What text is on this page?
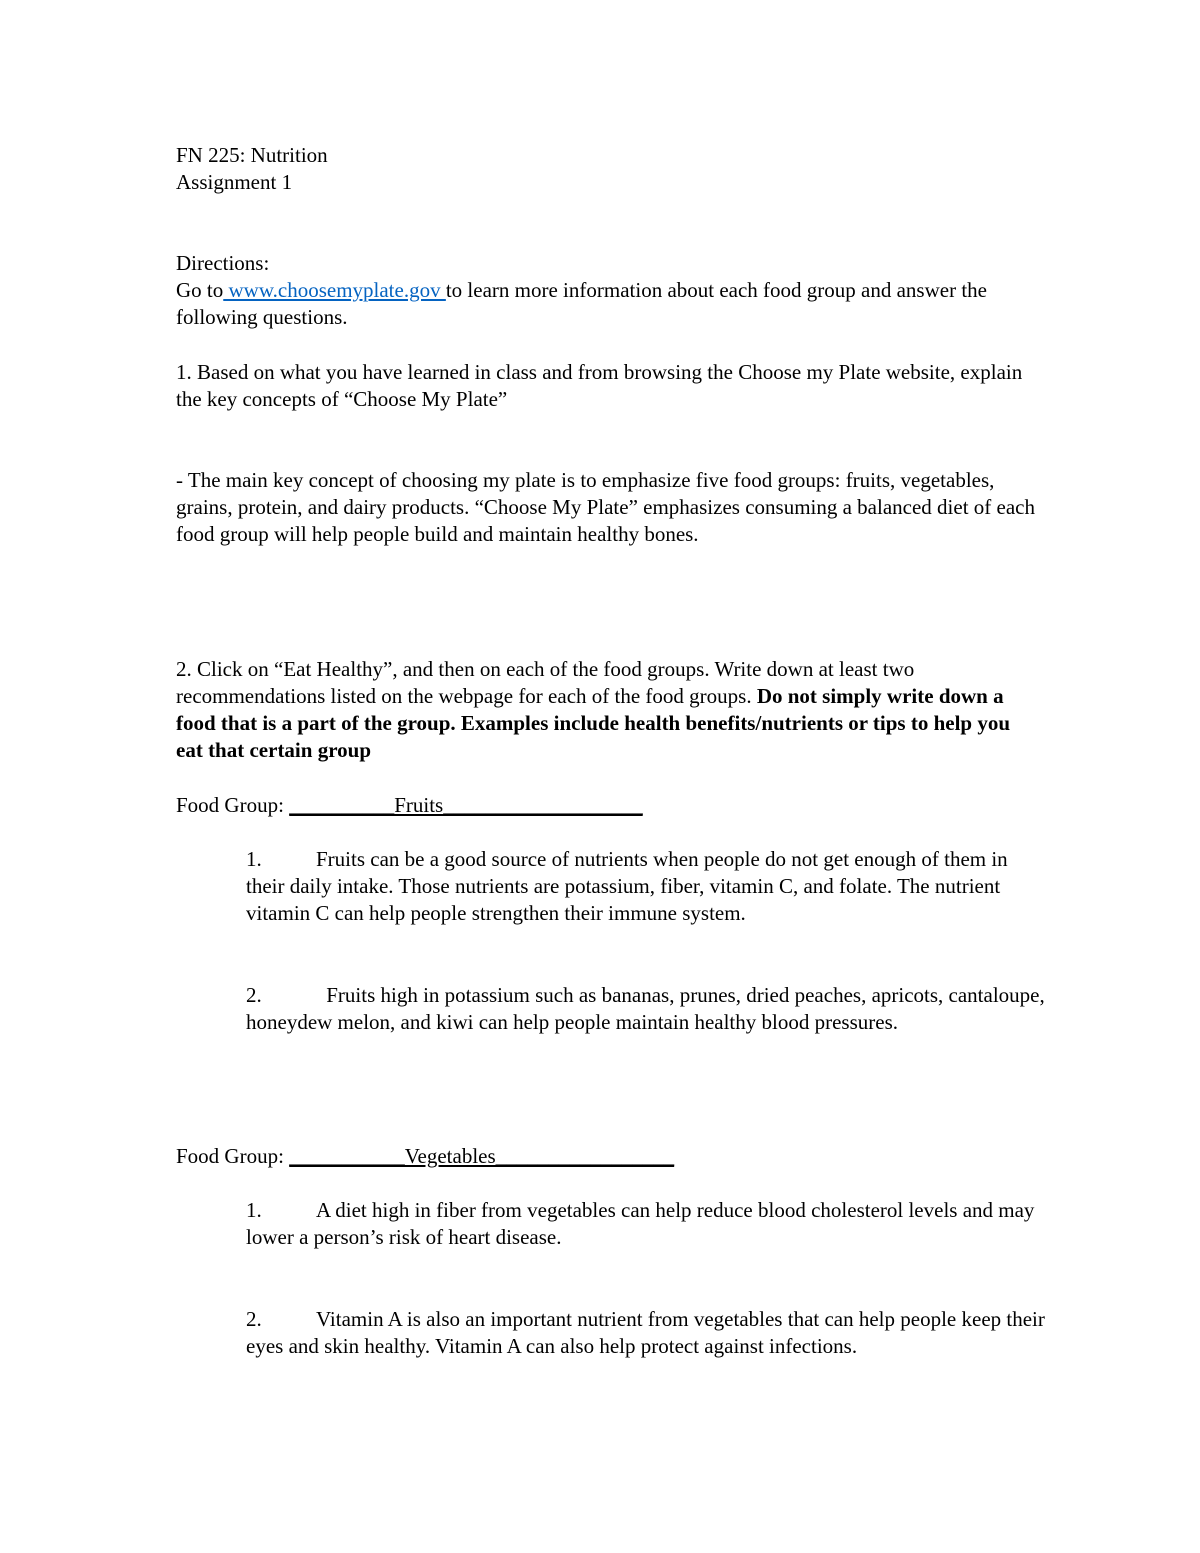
FN 225: Nutrition

Assignment 1

Directions:

Go to www.choosemyplate.gov to learn more information about each food group and answer the following questions.

1. Based on what you have learned in class and from browsing the Choose my Plate website, explain the key concepts of “Choose My Plate”

- The main key concept of choosing my plate is to emphasize five food groups: fruits, vegetables, grains, protein, and dairy products. “Choose My Plate” emphasizes consuming a balanced diet of each food group will help people build and maintain healthy bones.

2. Click on “Eat Healthy”, and then on each of the food groups. Write down at least two recommendations listed on the webpage for each of the food groups. Do not simply write down a food that is a part of the group. Examples include health benefits/nutrients or tips to help you eat that certain group

Food Group: __________Fruits___________________

1.	Fruits can be a good source of nutrients when people do not get enough of them in their daily intake. Those nutrients are potassium, fiber, vitamin C, and folate. The nutrient vitamin C can help people strengthen their immune system.

2.	Fruits high in potassium such as bananas, prunes, dried peaches, apricots, cantaloupe, honeydew melon, and kiwi can help people maintain healthy blood pressures.

Food Group: ___________Vegetables_________________

1.	A diet high in fiber from vegetables can help reduce blood cholesterol levels and may lower a person’s risk of heart disease.

2.	Vitamin A is also an important nutrient from vegetables that can help people keep their eyes and skin healthy. Vitamin A can also help protect against infections.
